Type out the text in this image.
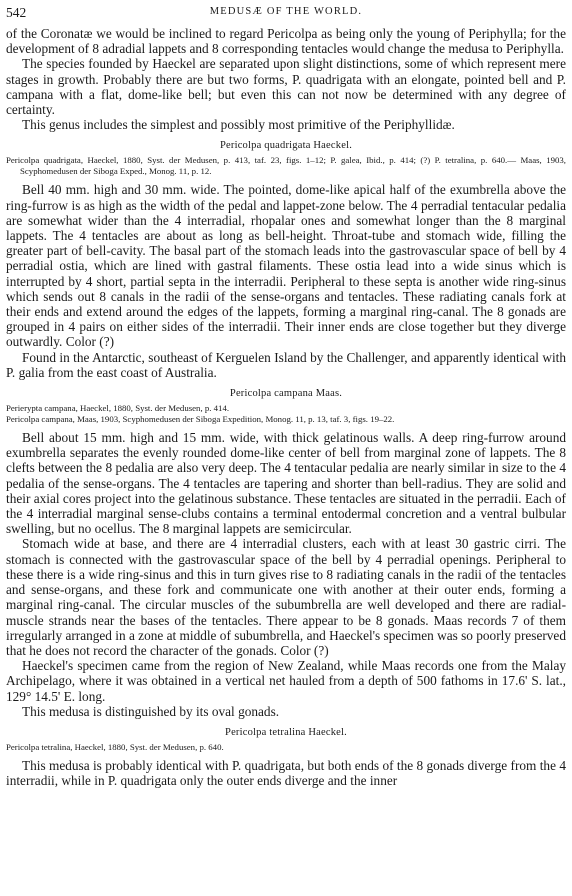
542	MEDUSÆ OF THE WORLD.

of the Coronatæ we would be inclined to regard Pericolpa as being only the young of Periphylla; for the development of 8 adradial lappets and 8 corresponding tentacles would change the medusa to Periphylla.

The species founded by Haeckel are separated upon slight distinctions, some of which represent mere stages in growth. Probably there are but two forms, P. quadrigata with an elongate, pointed bell and P. campana with a flat, dome-like bell; but even this can not now be determined with any degree of certainty.

This genus includes the simplest and possibly most primitive of the Periphyllidæ.

Pericolpa quadrigata Haeckel.

Pericolpa quadrigata, Haeckel, 1880, Syst. der Medusen, p. 413, taf. 23, figs. 1–12; P. galea, Ibid., p. 414; (?) P. tetralina, p. 640.— Maas, 1903, Scyphomedusen der Siboga Exped., Monog. 11, p. 12.

Bell 40 mm. high and 30 mm. wide. The pointed, dome-like apical half of the exumbrella above the ring-furrow is as high as the width of the pedal and lappet-zone below. The 4 perradial tentacular pedalia are somewhat wider than the 4 interradial, rhopalar ones and somewhat longer than the 8 marginal lappets. The 4 tentacles are about as long as bell-height. Throat-tube and stomach wide, filling the greater part of bell-cavity. The basal part of the stomach leads into the gastrovascular space of bell by 4 perradial ostia, which are lined with gastral filaments. These ostia lead into a wide sinus which is interrupted by 4 short, partial septa in the interradii. Peripheral to these septa is another wide ring-sinus which sends out 8 canals in the radii of the sense-organs and tentacles. These radiating canals fork at their ends and extend around the edges of the lappets, forming a marginal ring-canal. The 8 gonads are grouped in 4 pairs on either sides of the interradii. Their inner ends are close together but they diverge outwardly. Color (?)

Found in the Antarctic, southeast of Kerguelen Island by the Challenger, and apparently identical with P. galia from the east coast of Australia.

Pericolpa campana Maas.

Perierypta campana, Haeckel, 1880, Syst. der Medusen, p. 414.

Pericolpa campana, Maas, 1903, Scyphomedusen der Siboga Expedition, Monog. 11, p. 13, taf. 3, figs. 19–22.

Bell about 15 mm. high and 15 mm. wide, with thick gelatinous walls. A deep ring-furrow around exumbrella separates the evenly rounded dome-like center of bell from marginal zone of lappets. The 8 clefts between the 8 pedalia are also very deep. The 4 tentacular pedalia are nearly similar in size to the 4 pedalia of the sense-organs. The 4 tentacles are tapering and shorter than bell-radius. They are solid and their axial cores project into the gelatinous substance. These tentacles are situated in the perradii. Each of the 4 interradial marginal sense-clubs contains a terminal entodermal concretion and a ventral bulbular swelling, but no ocellus. The 8 marginal lappets are semicircular.

Stomach wide at base, and there are 4 interradial clusters, each with at least 30 gastric cirri. The stomach is connected with the gastrovascular space of the bell by 4 perradial openings. Peripheral to these there is a wide ring-sinus and this in turn gives rise to 8 radiating canals in the radii of the tentacles and sense-organs, and these fork and communicate one with another at their outer ends, forming a marginal ring-canal. The circular muscles of the subumbrella are well developed and there are radial-muscle strands near the bases of the tentacles. There appear to be 8 gonads. Maas records 7 of them irregularly arranged in a zone at middle of subumbrella, and Haeckel's specimen was so poorly preserved that he does not record the character of the gonads. Color (?)

Haeckel's specimen came from the region of New Zealand, while Maas records one from the Malay Archipelago, where it was obtained in a vertical net hauled from a depth of 500 fathoms in 17.6' S. lat., 129° 14.5' E. long.

This medusa is distinguished by its oval gonads.

Pericolpa tetralina Haeckel.

Pericolpa tetralina, Haeckel, 1880, Syst. der Medusen, p. 640.

This medusa is probably identical with P. quadrigata, but both ends of the 8 gonads diverge from the 4 interradii, while in P. quadrigata only the outer ends diverge and the inner
